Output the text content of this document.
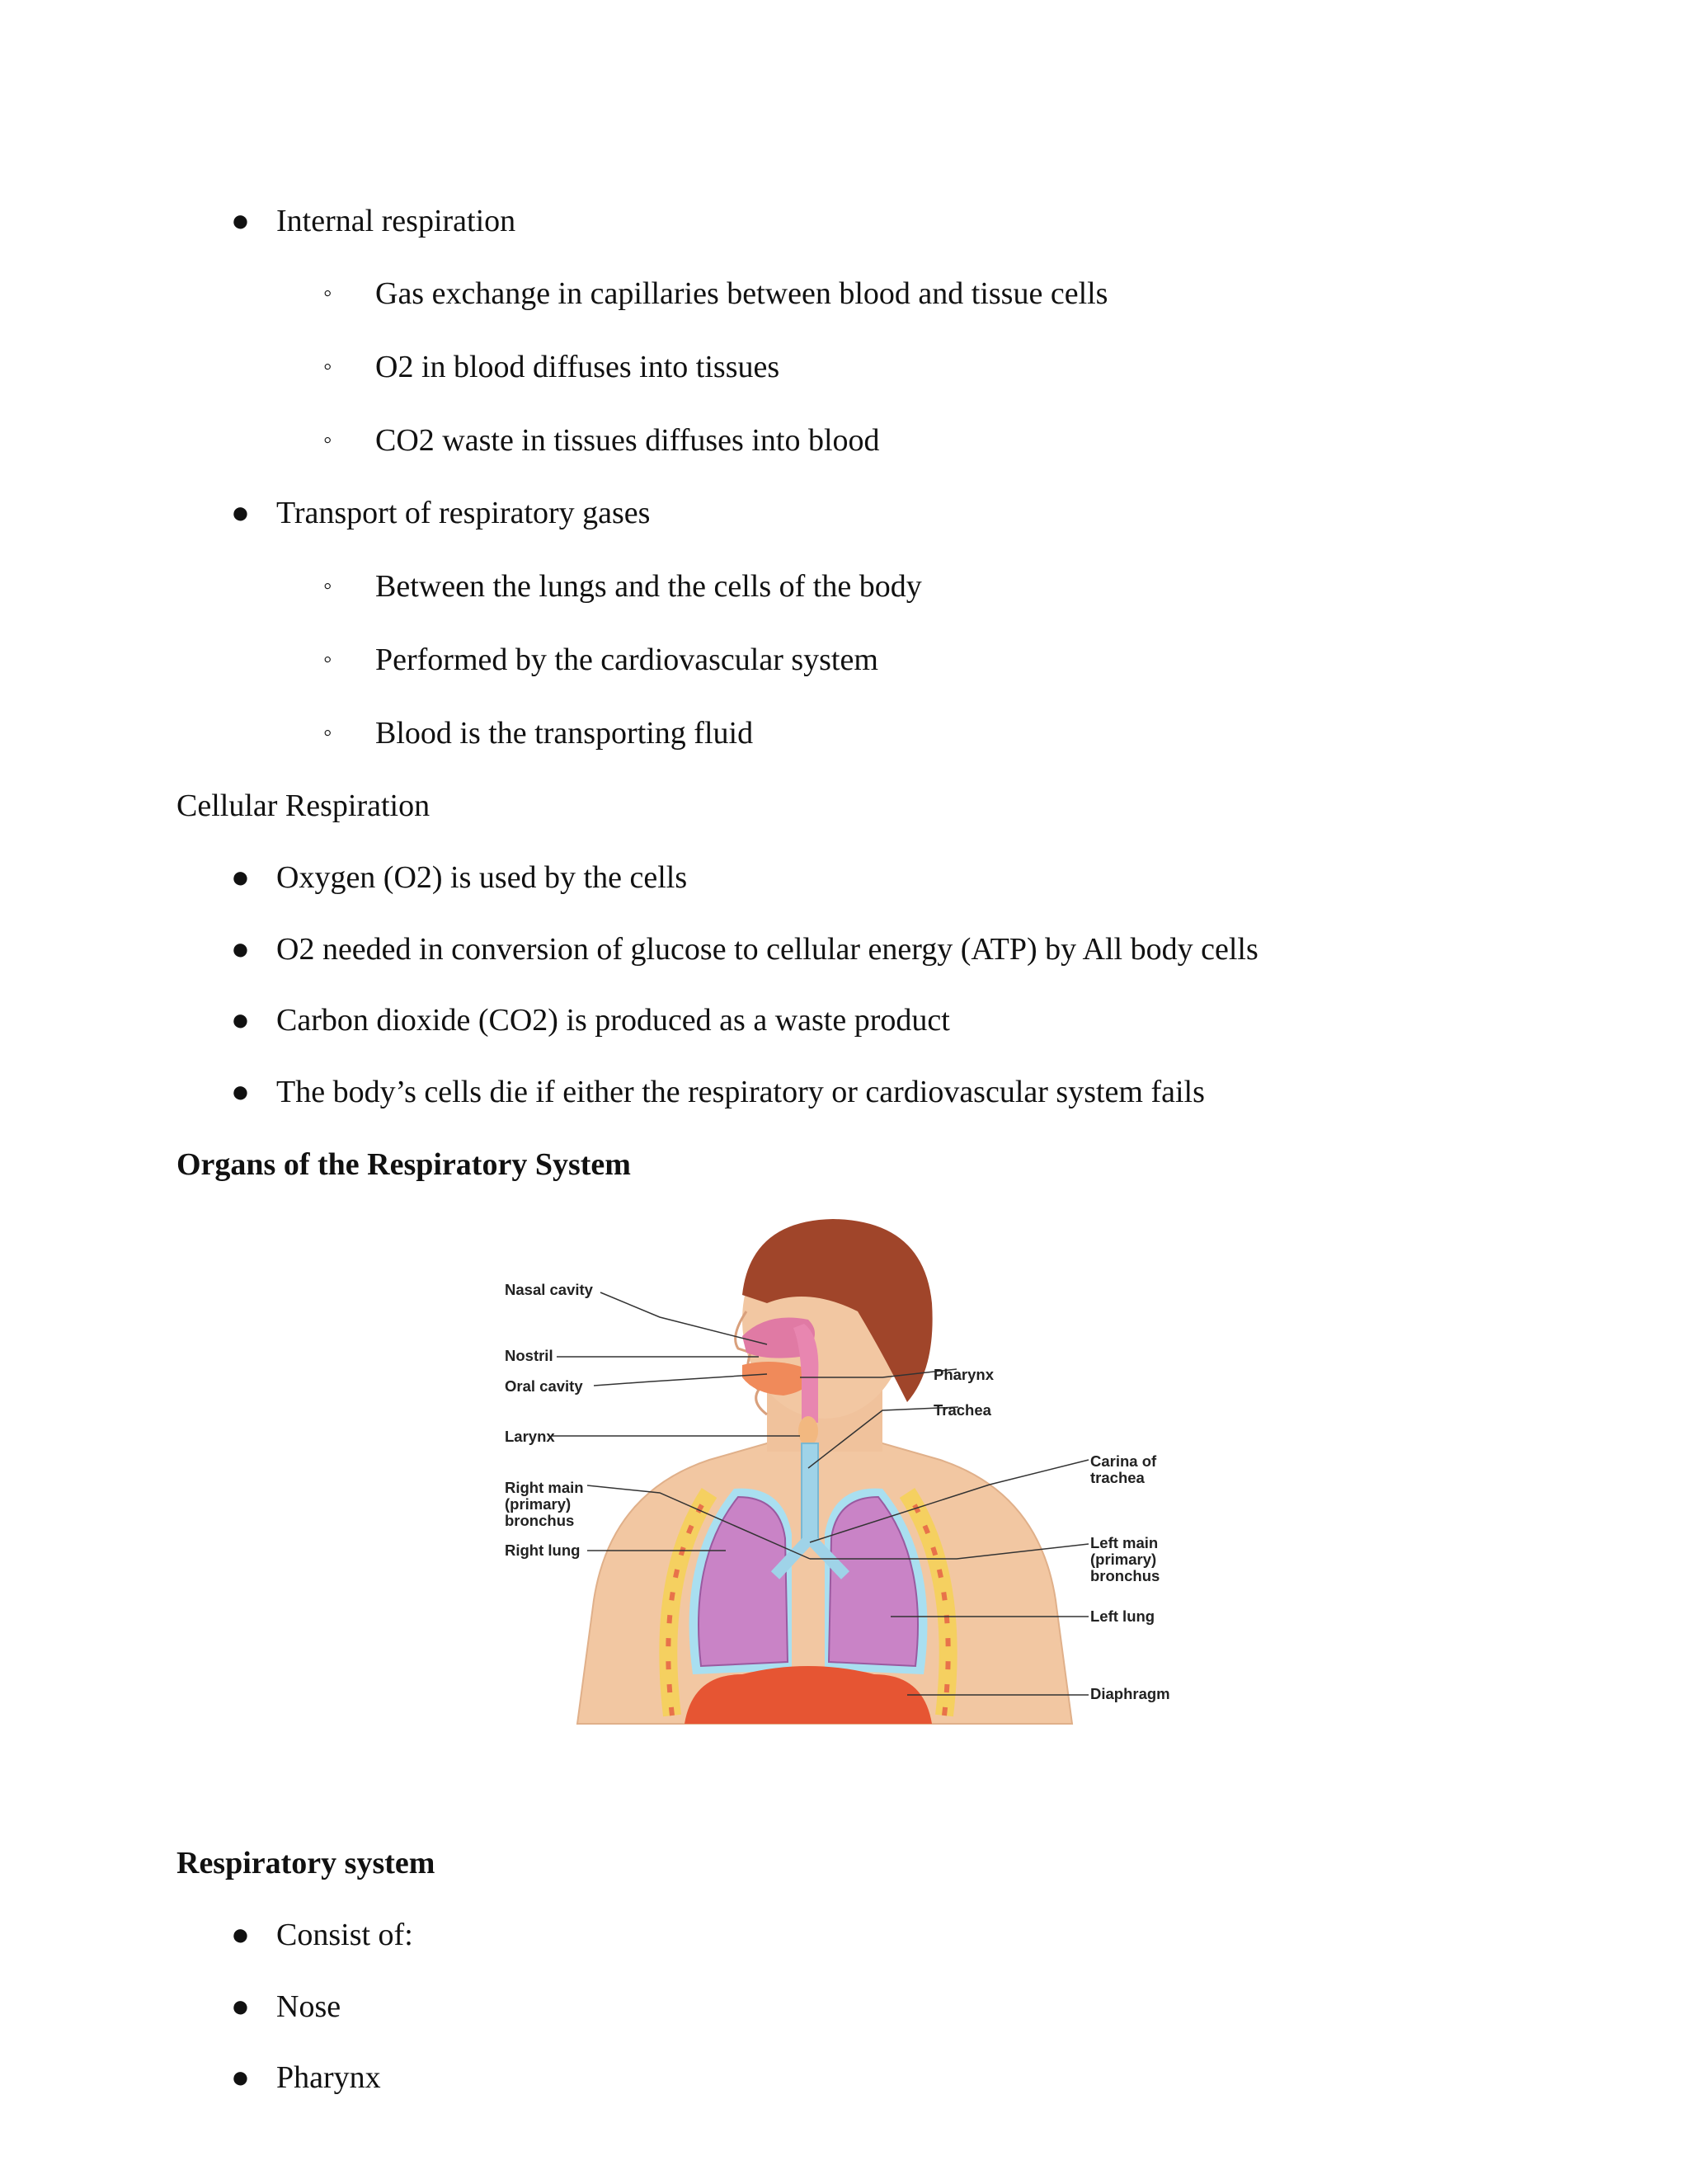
● Internal respiration
◦ Gas exchange in capillaries between blood and tissue cells
◦ O2 in blood diffuses into tissues
◦ CO2 waste in tissues diffuses into blood
● Transport of respiratory gases
◦ Between the lungs and the cells of the body
◦ Performed by the cardiovascular system
◦ Blood is the transporting fluid
Cellular Respiration
● Oxygen (O2) is used by the cells
● O2 needed in conversion of glucose to cellular energy (ATP) by All body cells
● Carbon dioxide (CO2) is produced as a waste product
● The body’s cells die if either the respiratory or cardiovascular system fails
Organs of the Respiratory System
Nasal cavity
Nostril
Oral cavity
Larynx
Right main
(primary)
bronchus
Right lung
Pharynx
Trachea
Carina of
trachea
Left main
(primary)
bronchus
Left lung
Diaphragm
Respiratory system
● Consist of:
● Nose
● Pharynx
